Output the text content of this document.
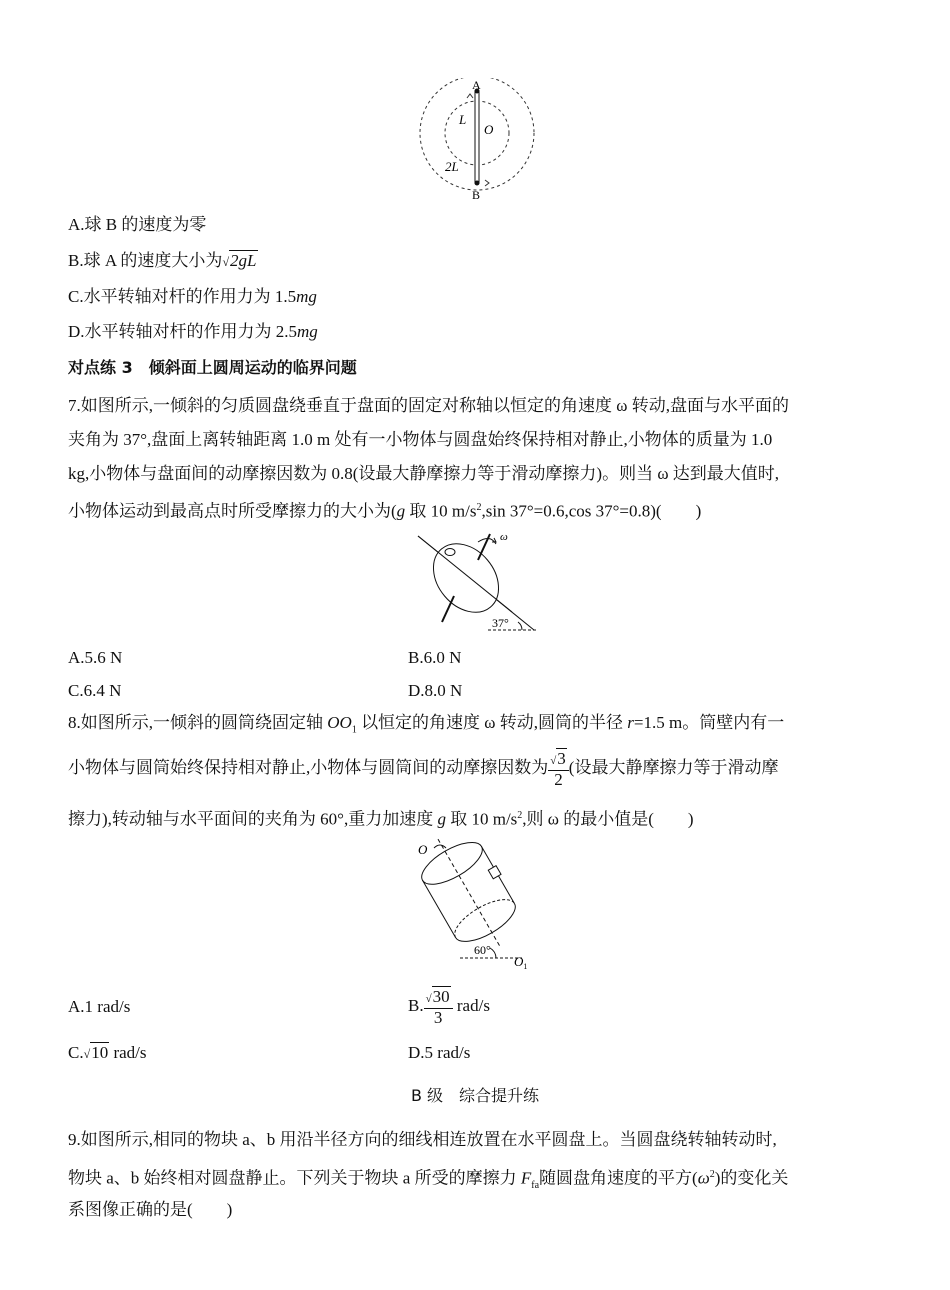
A
L
O
2L
B
A.球 B 的速度为零
B.球 A 的速度大小为√2gL
C.水平转轴对杆的作用力为 1.5mg
D.水平转轴对杆的作用力为 2.5mg
对点练 3　倾斜面上圆周运动的临界问题
7.如图所示,一倾斜的匀质圆盘绕垂直于盘面的固定对称轴以恒定的角速度 ω 转动,盘面与水平面的
夹角为 37°,盘面上离转轴距离 1.0 m 处有一小物体与圆盘始终保持相对静止,小物体的质量为 1.0
kg,小物体与盘面间的动摩擦因数为 0.8(设最大静摩擦力等于滑动摩擦力)。则当 ω 达到最大值时,
小物体运动到最高点时所受摩擦力的大小为(g 取 10 $m/s^2,\sin$ 37°=0.6,cos 37°=0.8)(　　)
ω
37°
A.5.6 N	B.6.0 N
C.6.4 N	D.8.0 N
8.如图所示,一倾斜的圆筒绕固定轴 $OO_1$ 以恒定的角速度 ω 转动,圆筒的半径 r=1.5 m。筒壁内有一
小物体与圆筒始终保持相对静止,小物体与圆筒间的动摩擦因数为 $\frac{√3}{2}$ (设最大静摩擦力等于滑动摩
擦力),转动轴与水平面间的夹角为 60°,重力加速度 g 取 10 $m/s^2$,则 ω 的最小值是(　　)
O
60°
$O_1$
A.1 rad/s	B. $\frac{√30}{3} rad/s$
C.√10 rad/s	D.5 rad/s
B 级　综合提升练
9.如图所示,相同的物块 a、b 用沿半径方向的细线相连放置在水平圆盘上。当圆盘绕转轴转动时,
物块 a、b 始终相对圆盘静止。下列关于物块 a 所受的摩擦力 $F_{fa}$随圆盘角速度的平方$(\omega^2)$的变化关
系图像正确的是(　　)
